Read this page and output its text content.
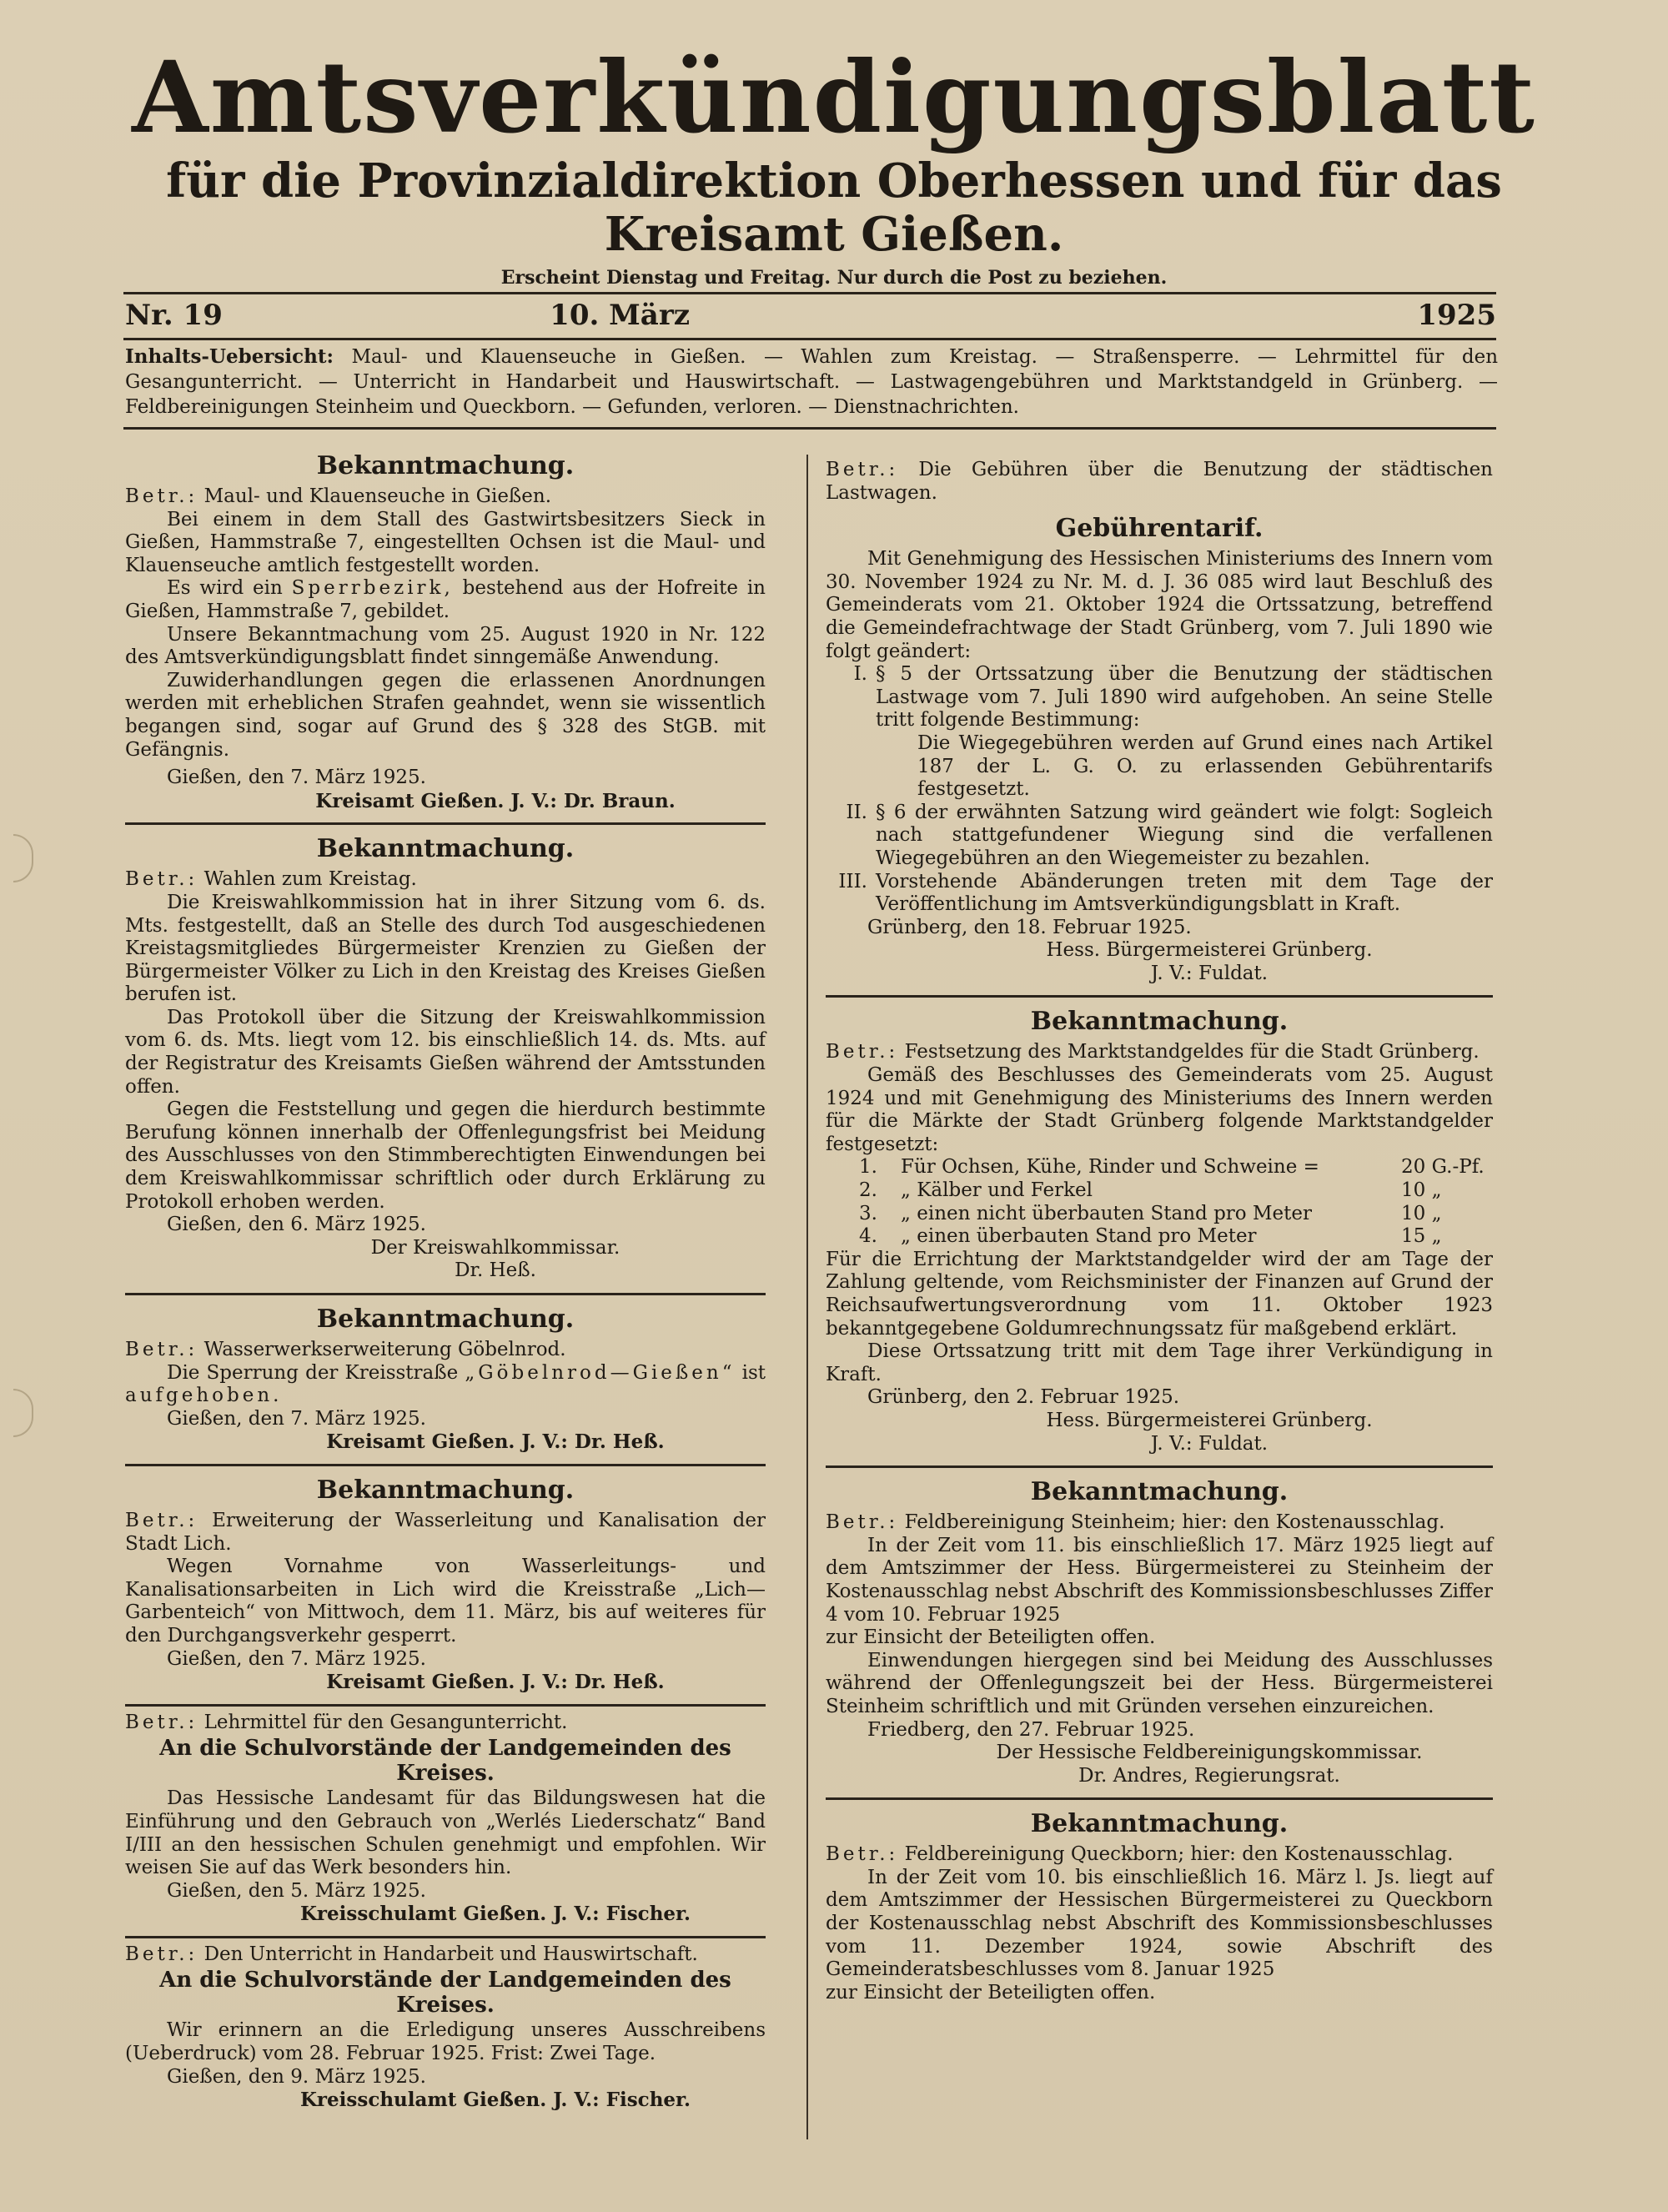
Amtsverkündigungsblatt
für die Provinzialdirektion Oberhessen und für das Kreisamt Gießen.
Erscheint Dienstag und Freitag. Nur durch die Post zu beziehen.
Nr. 19	10. März	1925
Inhalts-Uebersicht: Maul- und Klauenseuche in Gießen. — Wahlen zum Kreistag. — Straßensperre. — Lehrmittel für den Gesangunterricht. — Unterricht in Handarbeit und Hauswirtschaft. — Lastwagengebühren und Marktstandgeld in Grünberg. — Feldbereinigungen Steinheim und Queckborn. — Gefunden, verloren. — Dienstnachrichten.
Bekanntmachung.

Betr.: Maul- und Klauenseuche in Gießen.

Bei einem in dem Stall des Gastwirtsbesitzers Sieck in Gießen, Hammstraße 7, eingestellten Ochsen ist die Maul- und Klauenseuche amtlich festgestellt worden.

Es wird ein Sperrbezirk, bestehend aus der Hofreite in Gießen, Hammstraße 7, gebildet.

Unsere Bekanntmachung vom 25. August 1920 in Nr. 122 des Amtsverkündigungsblatt findet sinngemäße Anwendung.

Zuwiderhandlungen gegen die erlassenen Anordnungen werden mit erheblichen Strafen geahndet, wenn sie wissentlich begangen sind, sogar auf Grund des § 328 des StGB. mit Gefängnis.

Gießen, den 7. März 1925.

Kreisamt Gießen. J. V.: Dr. Braun.

Bekanntmachung.

Betr.: Wahlen zum Kreistag.

Die Kreiswahlkommission hat in ihrer Sitzung vom 6. ds. Mts. festgestellt, daß an Stelle des durch Tod ausgeschiedenen Kreistagsmitgliedes Bürgermeister Krenzien zu Gießen der Bürgermeister Völker zu Lich in den Kreistag des Kreises Gießen berufen ist.

Das Protokoll über die Sitzung der Kreiswahlkommission vom 6. ds. Mts. liegt vom 12. bis einschließlich 14. ds. Mts. auf der Registratur des Kreisamts Gießen während der Amtsstunden offen.

Gegen die Feststellung und gegen die hierdurch bestimmte Berufung können innerhalb der Offenlegungsfrist bei Meidung des Ausschlusses von den Stimmberechtigten Einwendungen bei dem Kreiswahlkommissar schriftlich oder durch Erklärung zu Protokoll erhoben werden.

Gießen, den 6. März 1925.

Der Kreiswahlkommissar.

Dr. Heß.

Bekanntmachung.

Betr.: Wasserwerkserweiterung Göbelnrod.

Die Sperrung der Kreisstraße „Göbelnrod—Gießen“ ist aufgehoben.

Gießen, den 7. März 1925.

Kreisamt Gießen. J. V.: Dr. Heß.

Bekanntmachung.

Betr.: Erweiterung der Wasserleitung und Kanalisation der Stadt Lich.

Wegen Vornahme von Wasserleitungs- und Kanalisationsarbeiten in Lich wird die Kreisstraße „Lich—Garbenteich“ von Mittwoch, dem 11. März, bis auf weiteres für den Durchgangsverkehr gesperrt.

Gießen, den 7. März 1925.

Kreisamt Gießen. J. V.: Dr. Heß.

Betr.: Lehrmittel für den Gesangunterricht.

An die Schulvorstände der Landgemeinden des Kreises.

Das Hessische Landesamt für das Bildungswesen hat die Einführung und den Gebrauch von „Werlés Liederschatz“ Band I/III an den hessischen Schulen genehmigt und empfohlen. Wir weisen Sie auf das Werk besonders hin.

Gießen, den 5. März 1925.

Kreisschulamt Gießen. J. V.: Fischer.

Betr.: Den Unterricht in Handarbeit und Hauswirtschaft.

An die Schulvorstände der Landgemeinden des Kreises.

Wir erinnern an die Erledigung unseres Ausschreibens (Ueberdruck) vom 28. Februar 1925. Frist: Zwei Tage.

Gießen, den 9. März 1925.

Kreisschulamt Gießen. J. V.: Fischer.

Betr.: Die Gebühren über die Benutzung der städtischen Lastwagen.

Gebührentarif.

Mit Genehmigung des Hessischen Ministeriums des Innern vom 30. November 1924 zu Nr. M. d. J. 36 085 wird laut Beschluß des Gemeinderats vom 21. Oktober 1924 die Ortssatzung, betreffend die Gemeindefrachtwage der Stadt Grünberg, vom 7. Juli 1890 wie folgt geändert:

I. § 5 der Ortssatzung über die Benutzung der städtischen Lastwage vom 7. Juli 1890 wird aufgehoben. An seine Stelle tritt folgende Bestimmung:
Die Wiegegebühren werden auf Grund eines nach Artikel 187 der L. G. O. zu erlassenden Gebührentarifs festgesetzt.
II. § 6 der erwähnten Satzung wird geändert wie folgt: Sogleich nach stattgefundener Wiegung sind die verfallenen Wiegegebühren an den Wiegemeister zu bezahlen.
III. Vorstehende Abänderungen treten mit dem Tage der Veröffentlichung im Amtsverkündigungsblatt in Kraft.

Grünberg, den 18. Februar 1925.

Hess. Bürgermeisterei Grünberg.

J. V.: Fuldat.

Bekanntmachung.

Betr.: Festsetzung des Marktstandgeldes für die Stadt Grünberg.

Gemäß des Beschlusses des Gemeinderats vom 25. August 1924 und mit Genehmigung des Ministeriums des Innern werden für die Märkte der Stadt Grünberg folgende Marktstandgelder festgesetzt:

1.	Für Ochsen, Kühe, Rinder und Schweine =	20 G.-Pf.
2.	„ Kälber und Ferkel	10 „
3.	„ einen nicht überbauten Stand pro Meter	10 „
4.	„ einen überbauten Stand pro Meter	15 „

Für die Errichtung der Marktstandgelder wird der am Tage der Zahlung geltende, vom Reichsminister der Finanzen auf Grund der Reichsaufwertungsverordnung vom 11. Oktober 1923 bekanntgegebene Goldumrechnungssatz für maßgebend erklärt.

Diese Ortssatzung tritt mit dem Tage ihrer Verkündigung in Kraft.

Grünberg, den 2. Februar 1925.

Hess. Bürgermeisterei Grünberg.

J. V.: Fuldat.

Bekanntmachung.

Betr.: Feldbereinigung Steinheim; hier: den Kostenausschlag.

In der Zeit vom 11. bis einschließlich 17. März 1925 liegt auf dem Amtszimmer der Hess. Bürgermeisterei zu Steinheim der Kostenausschlag nebst Abschrift des Kommissionsbeschlusses Ziffer 4 vom 10. Februar 1925

zur Einsicht der Beteiligten offen.

Einwendungen hiergegen sind bei Meidung des Ausschlusses während der Offenlegungszeit bei der Hess. Bürgermeisterei Steinheim schriftlich und mit Gründen versehen einzureichen.

Friedberg, den 27. Februar 1925.

Der Hessische Feldbereinigungskommissar.

Dr. Andres, Regierungsrat.

Bekanntmachung.

Betr.: Feldbereinigung Queckborn; hier: den Kostenausschlag.

In der Zeit vom 10. bis einschließlich 16. März l. Js. liegt auf dem Amtszimmer der Hessischen Bürgermeisterei zu Queckborn der Kostenausschlag nebst Abschrift des Kommissionsbeschlusses vom 11. Dezember 1924, sowie Abschrift des Gemeinderatsbeschlusses vom 8. Januar 1925

zur Einsicht der Beteiligten offen.
